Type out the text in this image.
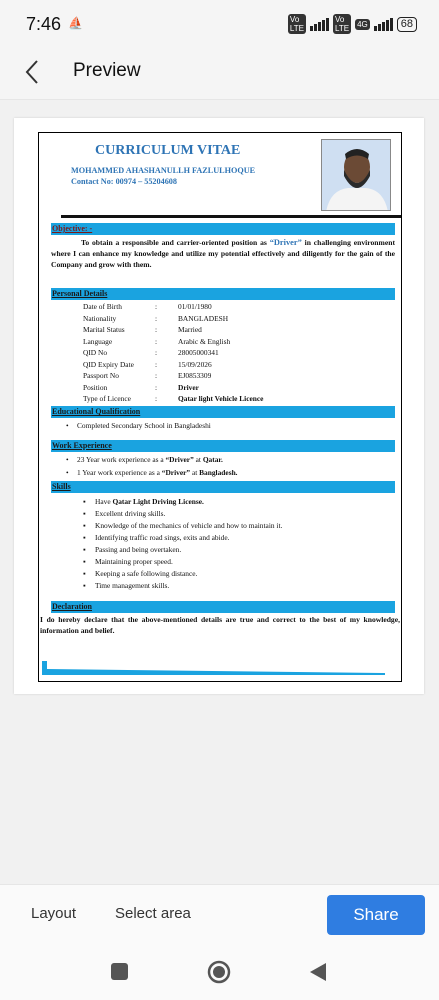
7:46 ⛵	Vo
LTE
Vo
LTE 4G	68
Preview
CURRICULUM VITAE
MOHAMMED AHASHANULLH FAZLULHOQUE
Contact No: 00974 – 55204608
Objective: -
To obtain a responsible and carrier-oriented position as “Driver” in challenging environment where I can enhance my knowledge and utilize my potential effectively and diligently for the gain of the Company and grow with them.
Personal Details
Date of Birth	:	01/01/1980
Nationality	:	BANGLADESH
Marital Status	:	Married
Language	:	Arabic & English
QID No	:	28005000341
QID Expiry Date	:	15/09/2026
Passport No	:	EJ0853309
Position	:	Driver
Type of Licence	:	Qatar light Vehicle Licence
Educational Qualification
• Completed Secondary School in Bangladeshi
Work Experience
• 23 Year work experience as a “Driver” at Qatar.
• 1 Year work experience as a “Driver” at Bangladesh.
Skills
▪ Have Qatar Light Driving License.
▪ Excellent driving skills.
▪ Knowledge of the mechanics of vehicle and how to maintain it.
▪ Identifying traffic road sings, exits and abide.
▪ Passing and being overtaken.
▪ Maintaining proper speed.
▪ Keeping a safe following distance.
▪ Time management skills.
Declaration
I do hereby declare that the above-mentioned details are true and correct to the best of my knowledge, information and belief.
Layout	Select area	Share
